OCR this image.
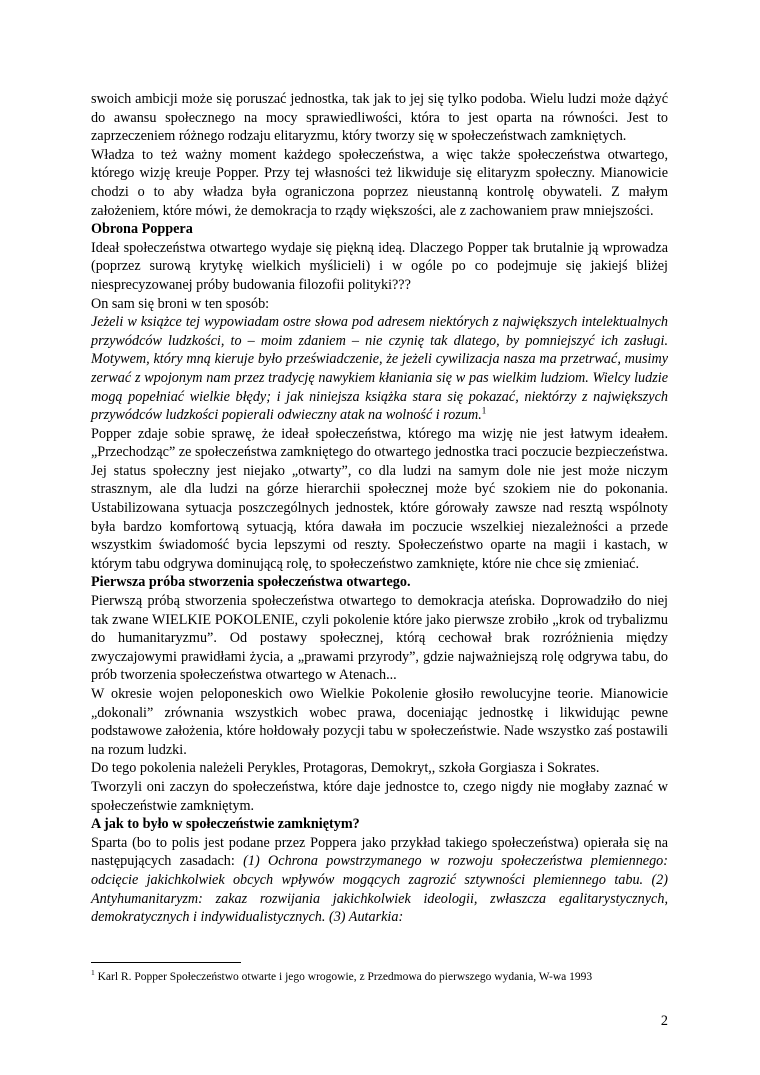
swoich ambicji może się poruszać jednostka, tak jak to jej się tylko podoba. Wielu ludzi może dążyć do awansu społecznego na mocy sprawiedliwości, która to jest oparta na równości. Jest to zaprzeczeniem różnego rodzaju elitaryzmu, który tworzy się w społeczeństwach zamkniętych.

Władza to też ważny moment każdego społeczeństwa, a więc także społeczeństwa otwartego, którego wizję kreuje Popper. Przy tej własności też likwiduje się elitaryzm społeczny. Mianowicie chodzi o to aby władza była ograniczona poprzez nieustanną kontrolę obywateli. Z małym założeniem, które mówi, że demokracja to rządy większości, ale z zachowaniem praw mniejszości.

Obrona Poppera

Ideał społeczeństwa otwartego wydaje się piękną ideą. Dlaczego Popper tak brutalnie ją wprowadza (poprzez surową krytykę wielkich myślicieli) i w ogóle po co podejmuje się jakiejś bliżej niesprecyzowanej próby budowania filozofii polityki???

On sam się broni w ten sposób:

Jeżeli w książce tej wypowiadam ostre słowa pod adresem niektórych z największych intelektualnych przywódców ludzkości, to – moim zdaniem – nie czynię tak dlatego, by pomniejszyć ich zasługi. Motywem, który mną kieruje było przeświadczenie, że jeżeli cywilizacja nasza ma przetrwać, musimy zerwać z wpojonym nam przez tradycję nawykiem kłaniania się w pas wielkim ludziom. Wielcy ludzie mogą popełniać wielkie błędy; i jak niniejsza książka stara się pokazać, niektórzy z największych przywódców ludzkości popierali odwieczny atak na wolność i rozum.$^1$

Popper zdaje sobie sprawę, że ideał społeczeństwa, którego ma wizję nie jest łatwym ideałem. „Przechodząc” ze społeczeństwa zamkniętego do otwartego jednostka traci poczucie bezpieczeństwa. Jej status społeczny jest niejako „otwarty”, co dla ludzi na samym dole nie jest może niczym strasznym, ale dla ludzi na górze hierarchii społecznej może być szokiem nie do pokonania. Ustabilizowana sytuacja poszczególnych jednostek, które górowały zawsze nad resztą wspólnoty była bardzo komfortową sytuacją, która dawała im poczucie wszelkiej niezależności a przede wszystkim świadomość bycia lepszymi od reszty. Społeczeństwo oparte na magii i kastach, w którym tabu odgrywa dominującą rolę, to społeczeństwo zamknięte, które nie chce się zmieniać.

Pierwsza próba stworzenia społeczeństwa otwartego.

Pierwszą próbą stworzenia społeczeństwa otwartego to demokracja ateńska. Doprowadziło do niej tak zwane WIELKIE POKOLENIE, czyli pokolenie które jako pierwsze zrobiło „krok od trybalizmu do humanitaryzmu”. Od postawy społecznej, którą cechował brak rozróżnienia między zwyczajowymi prawidłami życia, a „prawami przyrody”, gdzie najważniejszą rolę odgrywa tabu, do prób tworzenia społeczeństwa otwartego w Atenach...

W okresie wojen peloponeskich owo Wielkie Pokolenie głosiło rewolucyjne teorie. Mianowicie „dokonali” zrównania wszystkich wobec prawa, doceniając jednostkę i likwidując pewne podstawowe założenia, które hołdowały pozycji tabu w społeczeństwie. Nade wszystko zaś postawili na rozum ludzki.

Do tego pokolenia należeli Perykles, Protagoras, Demokryt,, szkoła Gorgiasza i Sokrates.

Tworzyli oni zaczyn do społeczeństwa, które daje jednostce to, czego nigdy nie mogłaby zaznać w społeczeństwie zamkniętym.

A jak to było w społeczeństwie zamkniętym?

Sparta (bo to polis jest podane przez Poppera jako przykład takiego społeczeństwa) opierała się na następujących zasadach: (1) Ochrona powstrzymanego w rozwoju społeczeństwa plemiennego: odcięcie jakichkolwiek obcych wpływów mogących zagrozić sztywności plemiennego tabu. (2) Antyhumanitaryzm: zakaz rozwijania jakichkolwiek ideologii, zwłaszcza egalitarystycznych, demokratycznych i indywidualistycznych. (3) Autarkia:

$^1$ Karl R. Popper Społeczeństwo otwarte i jego wrogowie, z Przedmowa do pierwszego wydania, W-wa 1993

2
